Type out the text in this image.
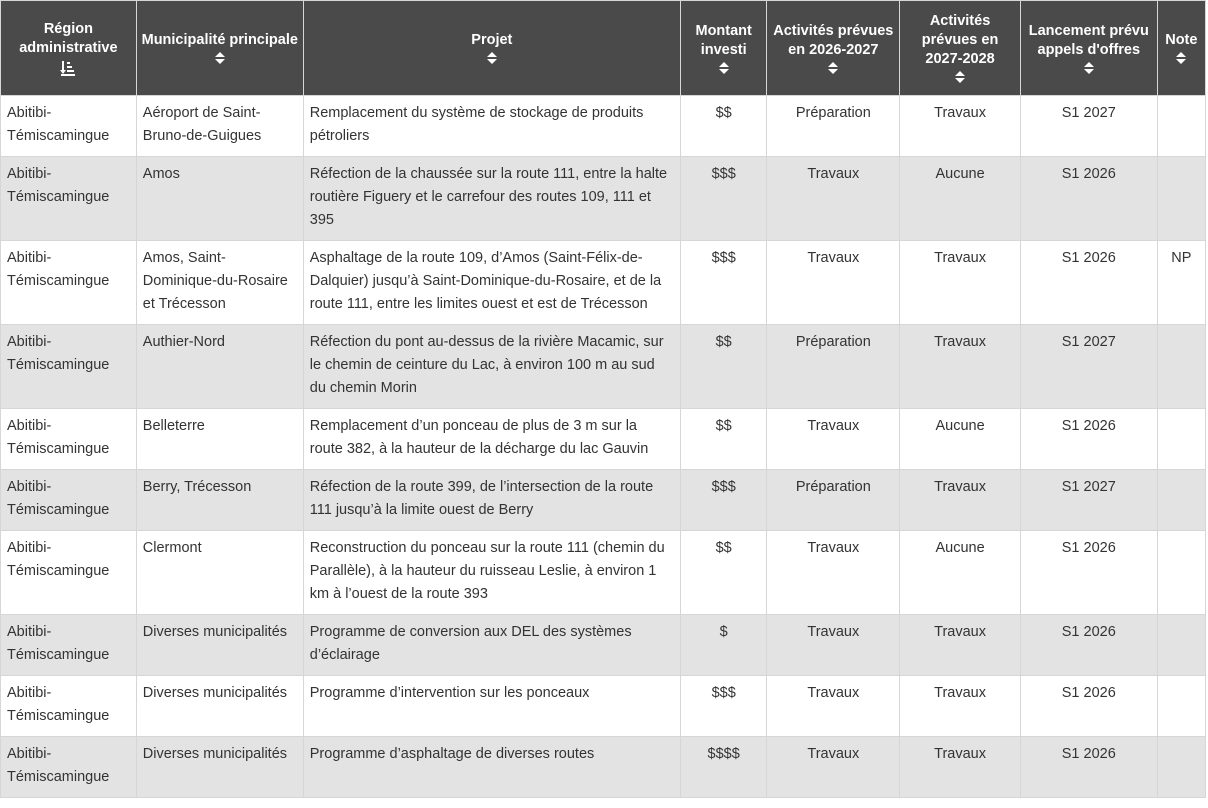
Région administrative	Municipalité principale	Projet	Montant investi	Activités prévues en 2026-2027	Activités prévues en 2027-2028	Lancement prévu appels d'offres	Note

Abitibi-Témiscamingue	Aéroport de Saint-Bruno-de-Guigues	Remplacement du système de stockage de produits pétroliers	$$	Préparation	Travaux	S1 2027	
Abitibi-Témiscamingue	Amos	Réfection de la chaussée sur la route 111, entre la halte routière Figuery et le carrefour des routes 109, 111 et 395	$$$	Travaux	Aucune	S1 2026	
Abitibi-Témiscamingue	Amos, Saint-Dominique-du-Rosaire et Trécesson	Asphaltage de la route 109, d’Amos (Saint-Félix-de-Dalquier) jusqu’à Saint-Dominique-du-Rosaire, et de la route 111, entre les limites ouest et est de Trécesson	$$$	Travaux	Travaux	S1 2026	NP
Abitibi-Témiscamingue	Authier-Nord	Réfection du pont au-dessus de la rivière Macamic, sur le chemin de ceinture du Lac, à environ 100 m au sud du chemin Morin	$$	Préparation	Travaux	S1 2027	
Abitibi-Témiscamingue	Belleterre	Remplacement d’un ponceau de plus de 3 m sur la route 382, à la hauteur de la décharge du lac Gauvin	$$	Travaux	Aucune	S1 2026	
Abitibi-Témiscamingue	Berry, Trécesson	Réfection de la route 399, de l’intersection de la route 111 jusqu’à la limite ouest de Berry	$$$	Préparation	Travaux	S1 2027	
Abitibi-Témiscamingue	Clermont	Reconstruction du ponceau sur la route 111 (chemin du Parallèle), à la hauteur du ruisseau Leslie, à environ 1 km à l’ouest de la route 393	$$	Travaux	Aucune	S1 2026	
Abitibi-Témiscamingue	Diverses municipalités	Programme de conversion aux DEL des systèmes d’éclairage	$	Travaux	Travaux	S1 2026	
Abitibi-Témiscamingue	Diverses municipalités	Programme d’intervention sur les ponceaux	$$$	Travaux	Travaux	S1 2026	
Abitibi-Témiscamingue	Diverses municipalités	Programme d’asphaltage de diverses routes	$$$$	Travaux	Travaux	S1 2026	
